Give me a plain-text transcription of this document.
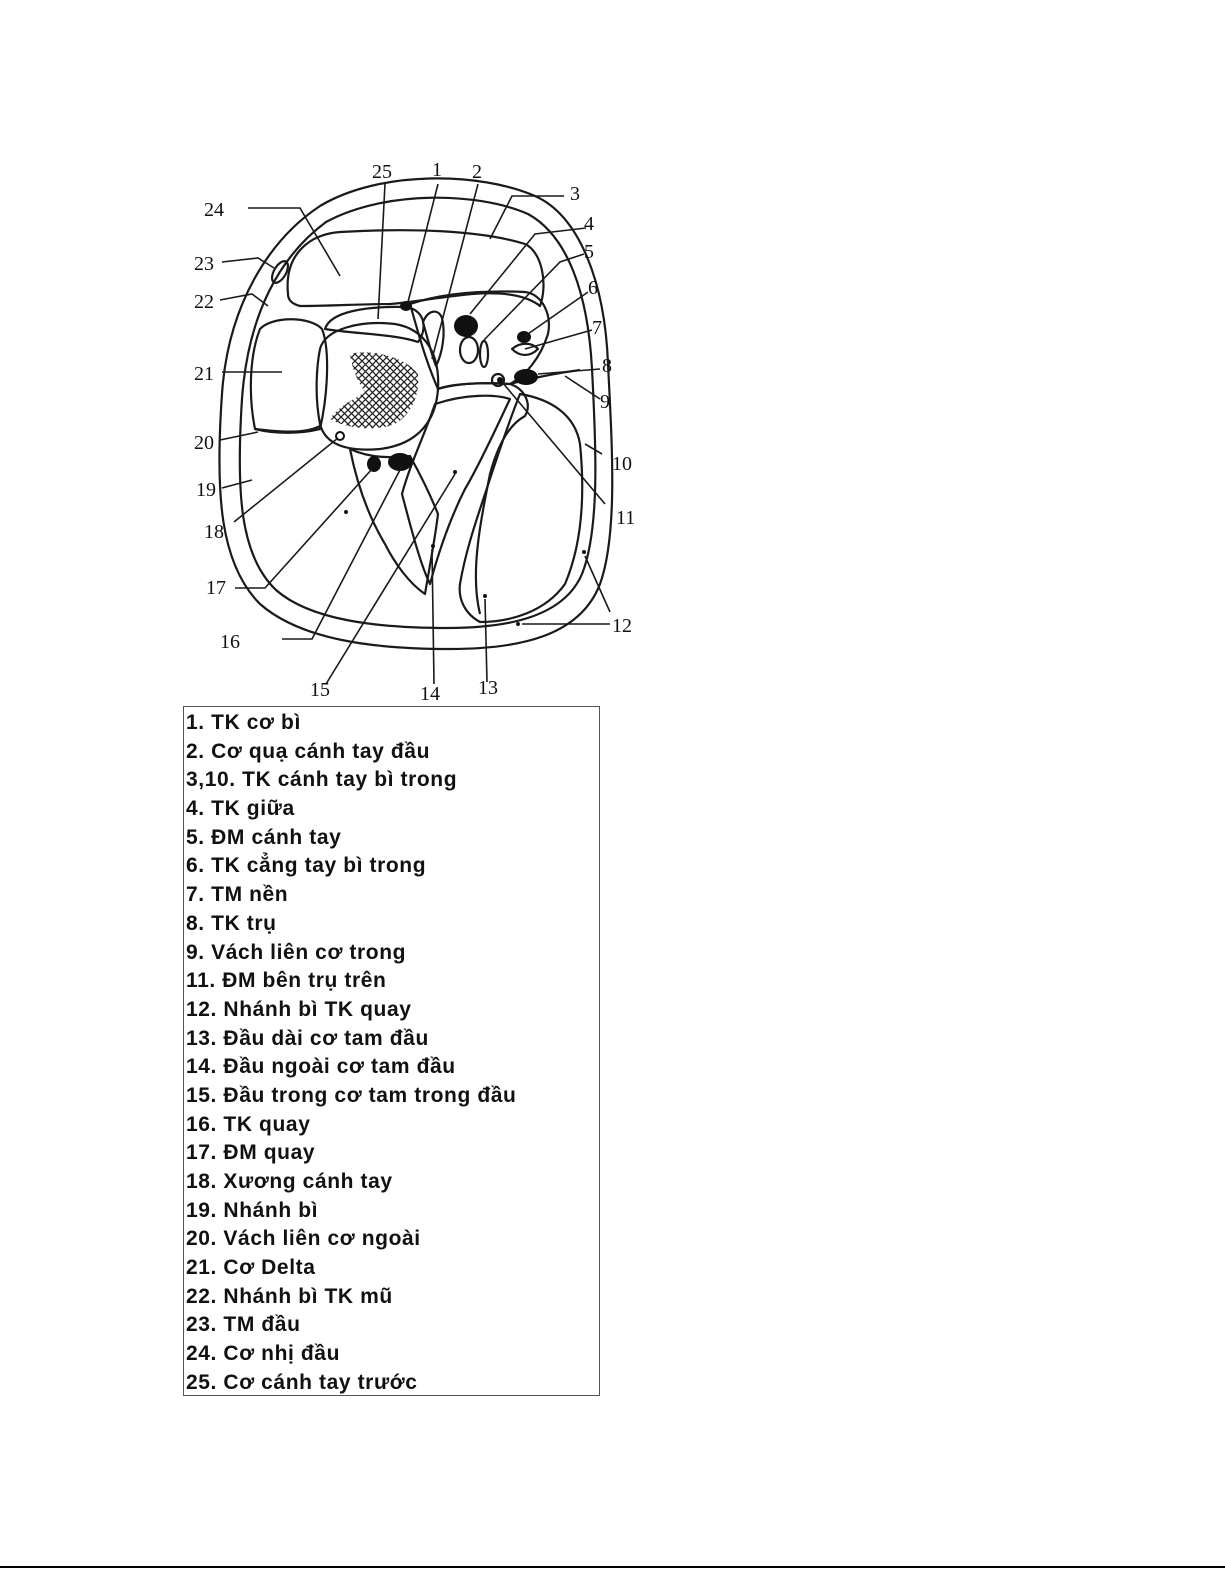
25 1 2
3
4
5
6
7
8
9
10
11
12
13
14
15
16
17
18
19
20
21
22
23
24
1. TK cơ bì
2. Cơ quạ cánh tay đầu
3,10. TK cánh tay bì trong
4. TK giữa
5. ĐM cánh tay
6. TK cẳng tay bì trong
7. TM nền
8. TK trụ
9. Vách liên cơ trong
11. ĐM bên trụ trên
12. Nhánh bì TK quay
13. Đầu dài cơ tam đầu
14. Đầu ngoài cơ tam đầu
15. Đầu trong cơ tam trong đầu
16. TK quay
17. ĐM quay
18. Xương cánh tay
19. Nhánh bì
20. Vách liên cơ ngoài
21. Cơ Delta
22. Nhánh bì TK mũ
23. TM đầu
24. Cơ nhị đầu
25. Cơ cánh tay trước
